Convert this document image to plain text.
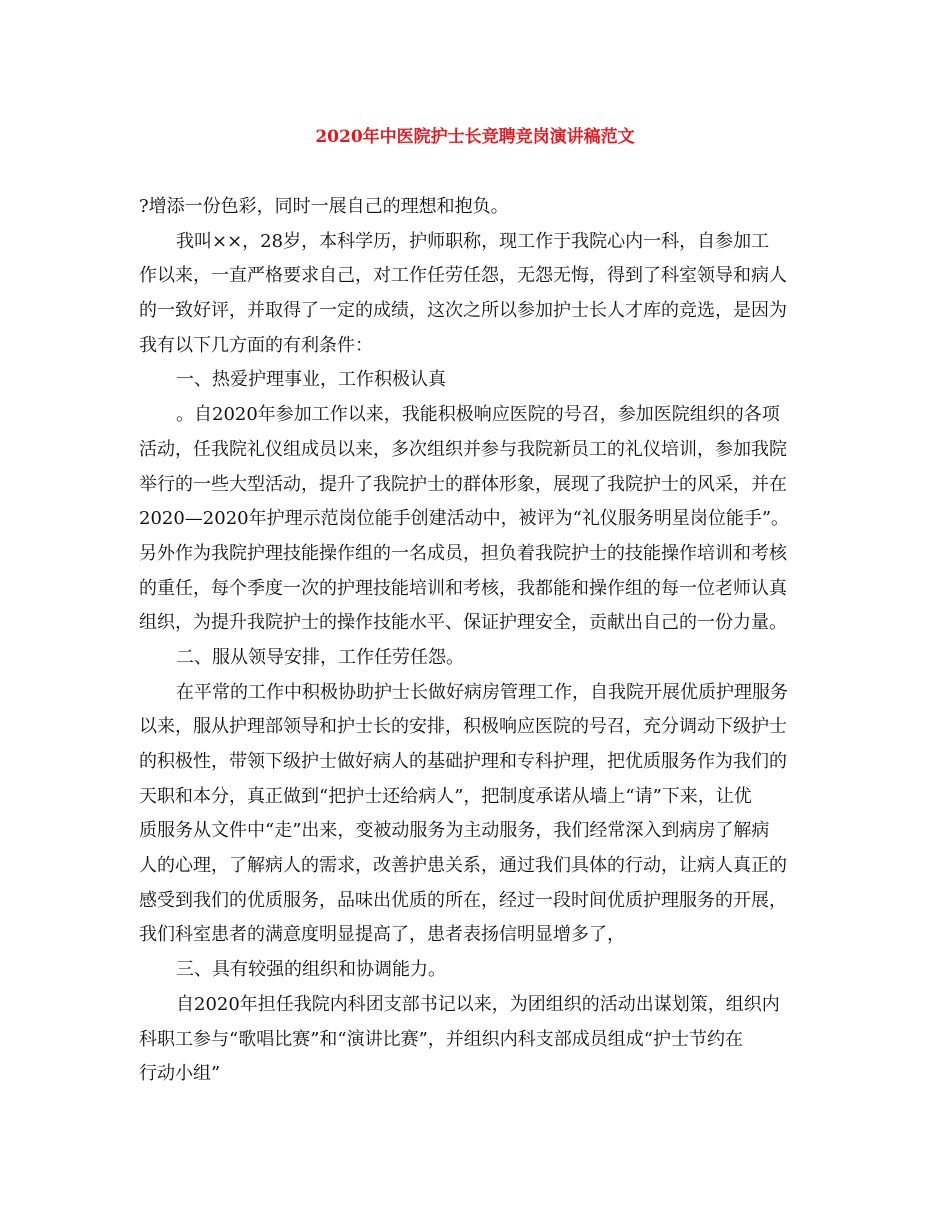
2020年中医院护士长竞聘竞岗演讲稿范文
?增添一份色彩，同时一展自己的理想和抱负。
我叫××，28岁，本科学历，护师职称，现工作于我院心内一科，自参加工
作以来，一直严格要求自己，对工作任劳任怨，无怨无悔，得到了科室领导和病人
的一致好评，并取得了一定的成绩，这次之所以参加护士长人才库的竞选，是因为
我有以下几方面的有利条件：
一、热爱护理事业，工作积极认真
。自2020年参加工作以来，我能积极响应医院的号召，参加医院组织的各项
活动，任我院礼仪组成员以来，多次组织并参与我院新员工的礼仪培训，参加我院
举行的一些大型活动，提升了我院护士的群体形象，展现了我院护士的风采，并在
2020—2020年护理示范岗位能手创建活动中，被评为“礼仪服务明星岗位能手”。
另外作为我院护理技能操作组的一名成员，担负着我院护士的技能操作培训和考核
的重任，每个季度一次的护理技能培训和考核，我都能和操作组的每一位老师认真
组织，为提升我院护士的操作技能水平、保证护理安全，贡献出自己的一份力量。
二、服从领导安排，工作任劳任怨。
在平常的工作中积极协助护士长做好病房管理工作，自我院开展优质护理服务
以来，服从护理部领导和护士长的安排，积极响应医院的号召，充分调动下级护士
的积极性，带领下级护士做好病人的基础护理和专科护理，把优质服务作为我们的
天职和本分，真正做到“把护士还给病人”，把制度承诺从墙上“请”下来，让优
质服务从文件中“走”出来，变被动服务为主动服务，我们经常深入到病房了解病
人的心理，了解病人的需求，改善护患关系，通过我们具体的行动，让病人真正的
感受到我们的优质服务，品味出优质的所在，经过一段时间优质护理服务的开展，
我们科室患者的满意度明显提高了，患者表扬信明显增多了，
三、具有较强的组织和协调能力。
自2020年担任我院内科团支部书记以来，为团组织的活动出谋划策，组织内
科职工参与“歌唱比赛”和“演讲比赛”，并组织内科支部成员组成“护士节约在
行动小组”
